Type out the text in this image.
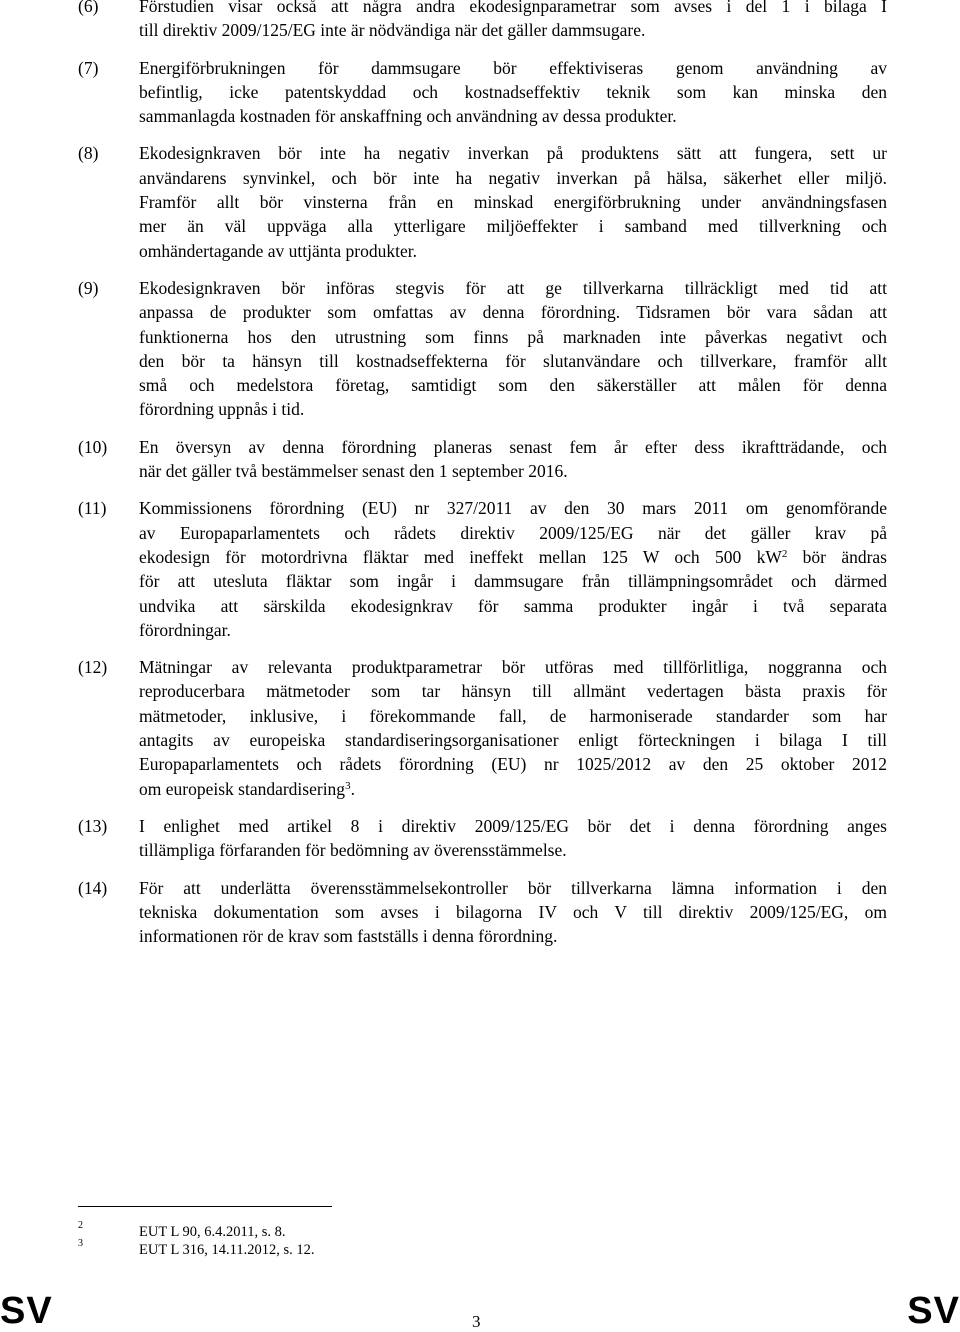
(6) Förstudien visar också att några andra ekodesignparametrar som avses i del 1 i bilaga I
till direktiv 2009/125/EG inte är nödvändiga när det gäller dammsugare.
(7) Energiförbrukningen för dammsugare bör effektiviseras genom användning av
befintlig, icke patentskyddad och kostnadseffektiv teknik som kan minska den
sammanlagda kostnaden för anskaffning och användning av dessa produkter.
(8) Ekodesignkraven bör inte ha negativ inverkan på produktens sätt att fungera, sett ur
användarens synvinkel, och bör inte ha negativ inverkan på hälsa, säkerhet eller miljö.
Framför allt bör vinsterna från en minskad energiförbrukning under användningsfasen
mer än väl uppväga alla ytterligare miljöeffekter i samband med tillverkning och
omhändertagande av uttjänta produkter.
(9) Ekodesignkraven bör införas stegvis för att ge tillverkarna tillräckligt med tid att
anpassa de produkter som omfattas av denna förordning. Tidsramen bör vara sådan att
funktionerna hos den utrustning som finns på marknaden inte påverkas negativt och
den bör ta hänsyn till kostnadseffekterna för slutanvändare och tillverkare, framför allt
små och medelstora företag, samtidigt som den säkerställer att målen för denna
förordning uppnås i tid.
(10) En översyn av denna förordning planeras senast fem år efter dess ikraftträdande, och
när det gäller två bestämmelser senast den 1 september 2016.
(11) Kommissionens förordning (EU) nr 327/2011 av den 30 mars 2011 om genomförande
av Europaparlamentets och rådets direktiv 2009/125/EG när det gäller krav på
ekodesign för motordrivna fläktar med ineffekt mellan 125 W och 500 $kW^2$ bör ändras
för att utesluta fläktar som ingår i dammsugare från tillämpningsområdet och därmed
undvika att särskilda ekodesignkrav för samma produkter ingår i två separata
förordningar.
(12) Mätningar av relevanta produktparametrar bör utföras med tillförlitliga, noggranna och
reproducerbara mätmetoder som tar hänsyn till allmänt vedertagen bästa praxis för
mätmetoder, inklusive, i förekommande fall, de harmoniserade standarder som har
antagits av europeiska standardiseringsorganisationer enligt förteckningen i bilaga I till
Europaparlamentets och rådets förordning (EU) nr 1025/2012 av den 25 oktober 2012
om europeisk standardisering$^3$.
(13) I enlighet med artikel 8 i direktiv 2009/125/EG bör det i denna förordning anges
tillämpliga förfaranden för bedömning av överensstämmelse.
(14) För att underlätta överensstämmelsekontroller bör tillverkarna lämna information i den
tekniska dokumentation som avses i bilagorna IV och V till direktiv 2009/125/EG, om
informationen rör de krav som fastställs i denna förordning.
2	EUT L 90, 6.4.2011, s. 8.
3	EUT L 316, 14.11.2012, s. 12.
SV	3	SV
